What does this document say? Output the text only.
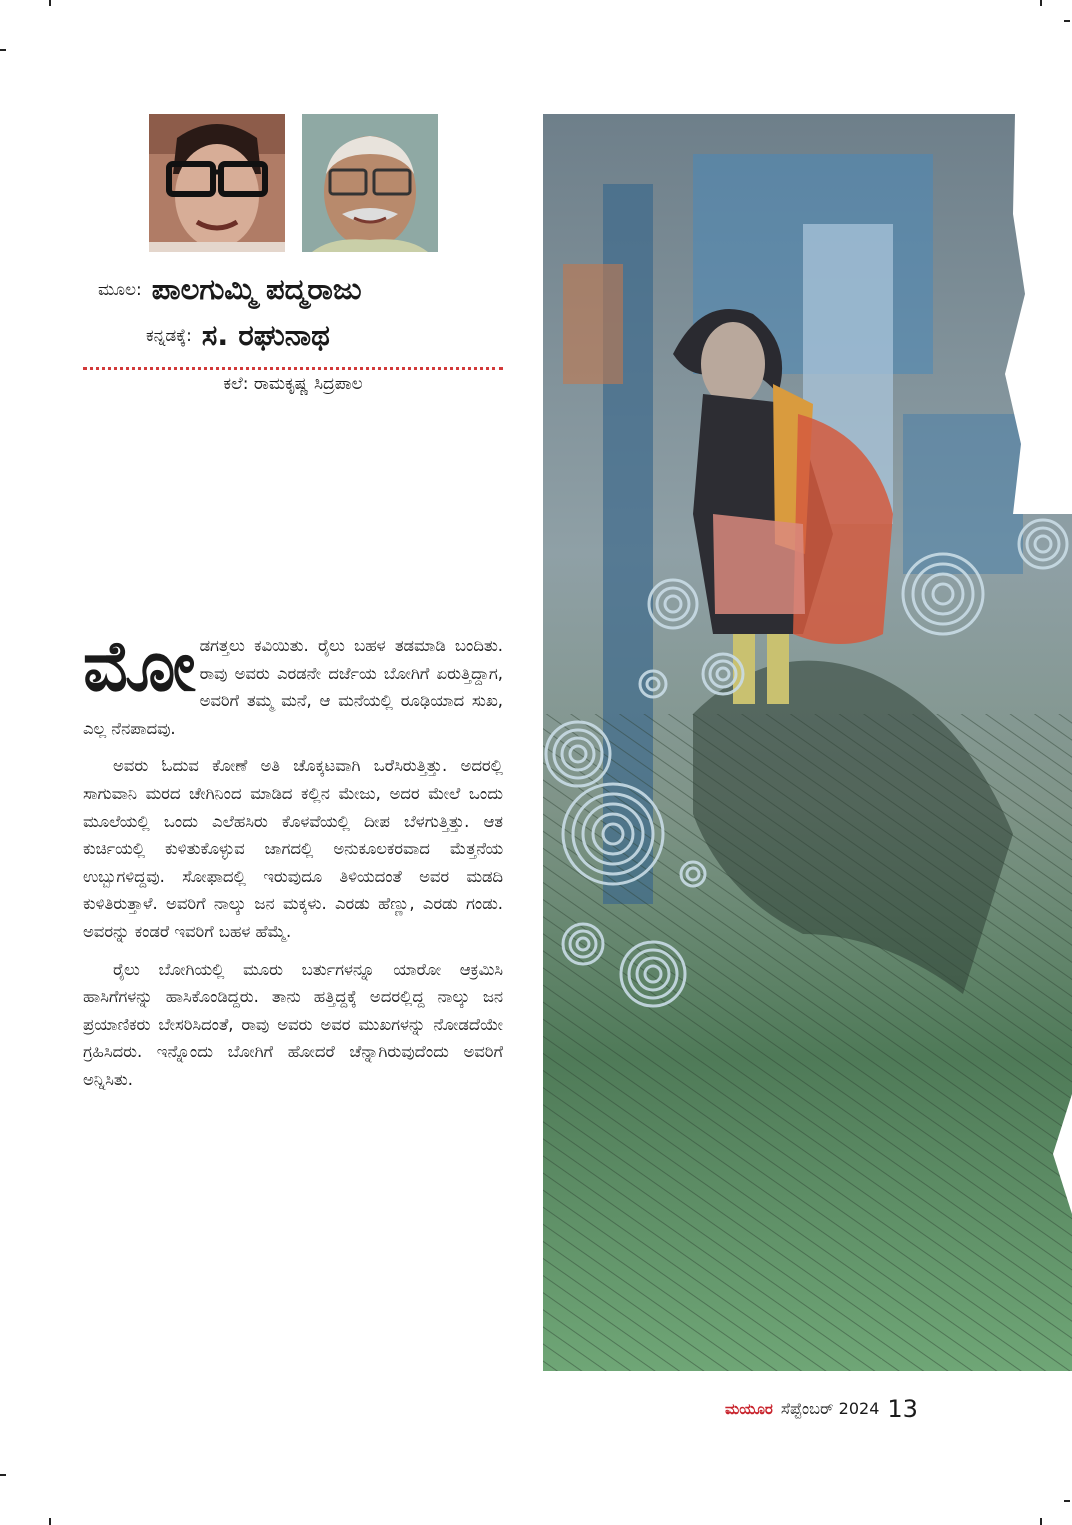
ಮೂಲ: ಪಾಲಗುಮ್ಮಿ ಪದ್ಮರಾಜು
ಕನ್ನಡಕ್ಕೆ: ಸ. ರಘುನಾಥ
ಕಲೆ: ರಾಮಕೃಷ್ಣ ಸಿದ್ರಪಾಲ

ಮೋಡಗತ್ತಲು ಕವಿಯಿತು. ರೈಲು ಬಹಳ ತಡಮಾಡಿ ಬಂದಿತು. ರಾವು ಅವರು ಎರಡನೇ ದರ್ಜೆಯ ಬೋಗಿಗೆ ಏರುತ್ತಿದ್ದಾಗ, ಅವರಿಗೆ ತಮ್ಮ ಮನೆ, ಆ ಮನೆಯಲ್ಲಿ ರೂಢಿಯಾದ ಸುಖ, ಎಲ್ಲ ನೆನಪಾದವು.

ಅವರು ಓದುವ ಕೋಣೆ ಅತಿ ಚೊಕ್ಕಟವಾಗಿ ಒರೆಸಿರುತ್ತಿತ್ತು. ಅದರಲ್ಲಿ ಸಾಗುವಾನಿ ಮರದ ಚೇಗಿನಿಂದ ಮಾಡಿದ ಕಲ್ಲಿನ ಮೇಜು, ಅದರ ಮೇಲೆ ಒಂದು ಮೂಲೆಯಲ್ಲಿ ಒಂದು ಎಲೆಹಸಿರು ಕೊಳವೆಯಲ್ಲಿ ದೀಪ ಬೆಳಗುತ್ತಿತ್ತು. ಆತ ಕುರ್ಚಿಯಲ್ಲಿ ಕುಳಿತುಕೊಳ್ಳುವ ಜಾಗದಲ್ಲಿ ಅನುಕೂಲಕರವಾದ ಮೆತ್ತನೆಯ ಉಬ್ಬುಗಳಿದ್ದವು. ಸೋಫಾದಲ್ಲಿ ಇರುವುದೂ ತಿಳಿಯದಂತೆ ಅವರ ಮಡದಿ ಕುಳಿತಿರುತ್ತಾಳೆ. ಅವರಿಗೆ ನಾಲ್ಕು ಜನ ಮಕ್ಕಳು. ಎರಡು ಹೆಣ್ಣು, ಎರಡು ಗಂಡು. ಅವರನ್ನು ಕಂಡರೆ ಇವರಿಗೆ ಬಹಳ ಹೆಮ್ಮೆ.

ರೈಲು ಬೋಗಿಯಲ್ಲಿ ಮೂರು ಬರ್ತುಗಳನ್ನೂ ಯಾರೋ ಆಕ್ರಮಿಸಿ ಹಾಸಿಗೆಗಳನ್ನು ಹಾಸಿಕೊಂಡಿದ್ದರು. ತಾನು ಹತ್ತಿದ್ದಕ್ಕೆ ಅದರಲ್ಲಿದ್ದ ನಾಲ್ಕು ಜನ ಪ್ರಯಾಣಿಕರು ಬೇಸರಿಸಿದಂತೆ, ರಾವು ಅವರು ಅವರ ಮುಖಗಳನ್ನು ನೋಡದೆಯೇ ಗ್ರಹಿಸಿದರು. ಇನ್ನೊಂದು ಬೋಗಿಗೆ ಹೋದರೆ ಚೆನ್ನಾಗಿರುವುದೆಂದು ಅವರಿಗೆ ಅನ್ನಿಸಿತು.

ಮಯೂರ ಸೆಪ್ಟೆಂಬರ್ 2024 13
